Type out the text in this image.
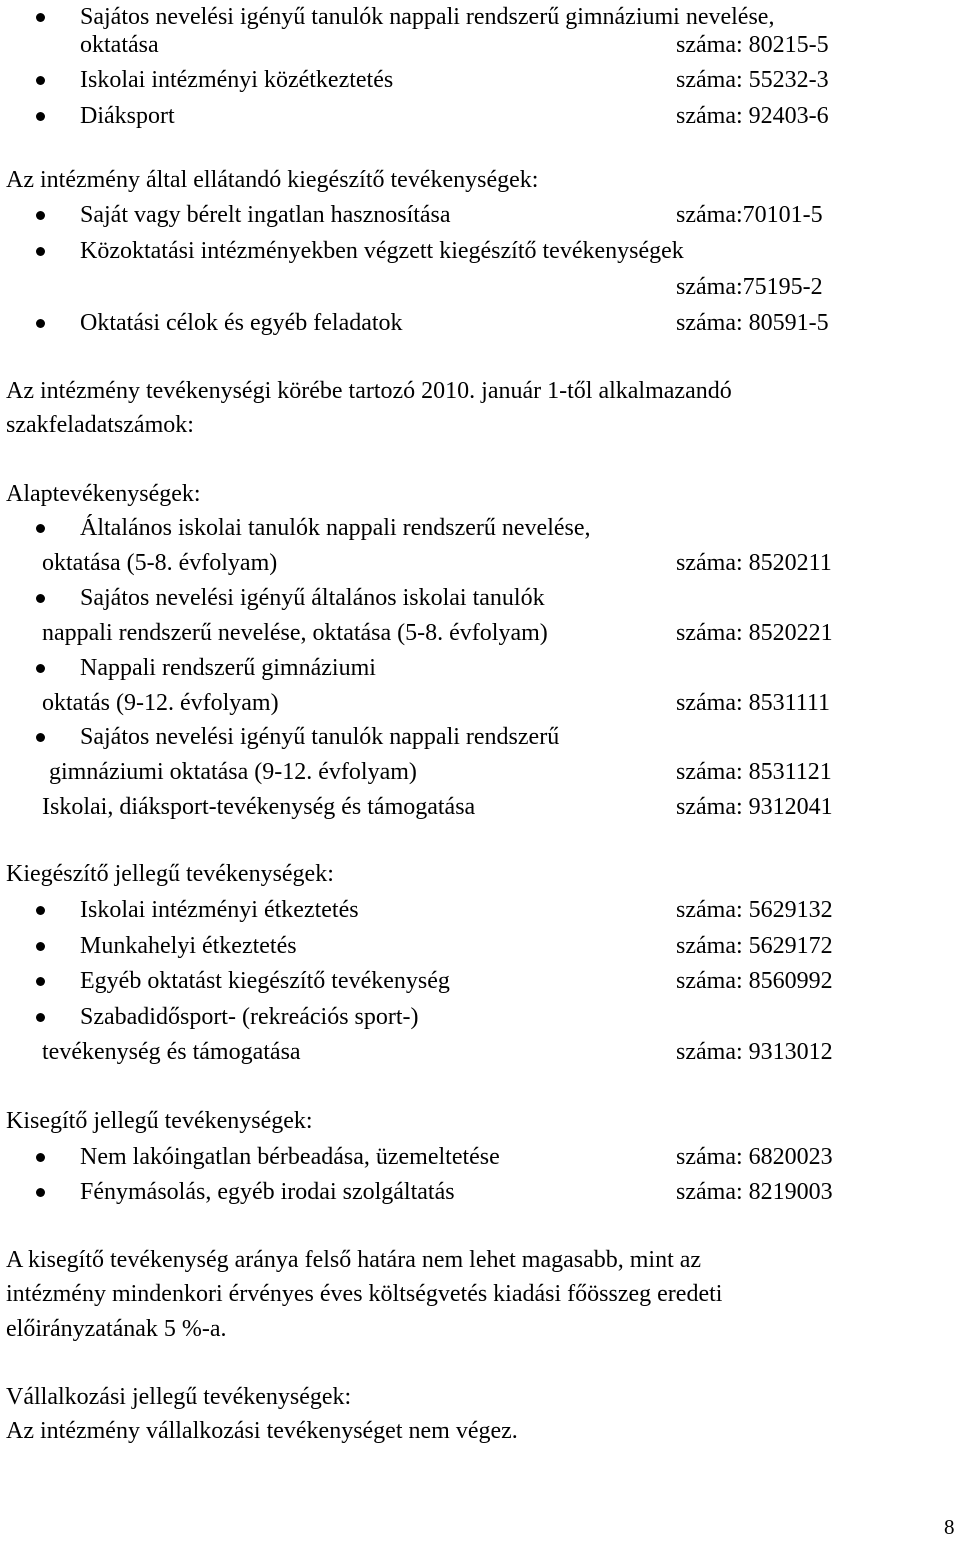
Sajátos nevelési igényű tanulók nappali rendszerű gimnáziumi nevelése,
oktatása	száma: 80215-5
Iskolai intézményi közétkeztetés	száma: 55232-3
Diáksport	száma: 92403-6
Az intézmény által ellátandó kiegészítő tevékenységek:
Saját vagy bérelt ingatlan hasznosítása	száma:70101-5
Közoktatási intézményekben végzett kiegészítő tevékenységek
száma:75195-2
Oktatási célok és egyéb feladatok	száma: 80591-5
Az intézmény tevékenységi körébe tartozó 2010. január 1-től alkalmazandó
szakfeladatszámok:
Alaptevékenységek:
Általános iskolai tanulók nappali rendszerű nevelése,
oktatása (5-8. évfolyam)	száma: 8520211
Sajátos nevelési igényű általános iskolai tanulók
nappali rendszerű nevelése, oktatása (5-8. évfolyam)	száma: 8520221
Nappali rendszerű gimnáziumi
oktatás (9-12. évfolyam)	száma: 8531111
Sajátos nevelési igényű tanulók nappali rendszerű
gimnáziumi oktatása (9-12. évfolyam)	száma: 8531121
Iskolai, diáksport-tevékenység és támogatása	száma: 9312041
Kiegészítő jellegű tevékenységek:
Iskolai intézményi étkeztetés	száma: 5629132
Munkahelyi étkeztetés	száma: 5629172
Egyéb oktatást kiegészítő tevékenység	száma: 8560992
Szabadidősport- (rekreációs sport-)
tevékenység és támogatása	száma: 9313012
Kisegítő jellegű tevékenységek:
Nem lakóingatlan bérbeadása, üzemeltetése	száma: 6820023
Fénymásolás, egyéb irodai szolgáltatás	száma: 8219003
A kisegítő tevékenység aránya felső határa nem lehet magasabb, mint az
intézmény mindenkori érvényes éves költségvetés kiadási főösszeg eredeti
előirányzatának 5 %-a.
Vállalkozási jellegű tevékenységek:
Az intézmény vállalkozási tevékenységet nem végez.
8
